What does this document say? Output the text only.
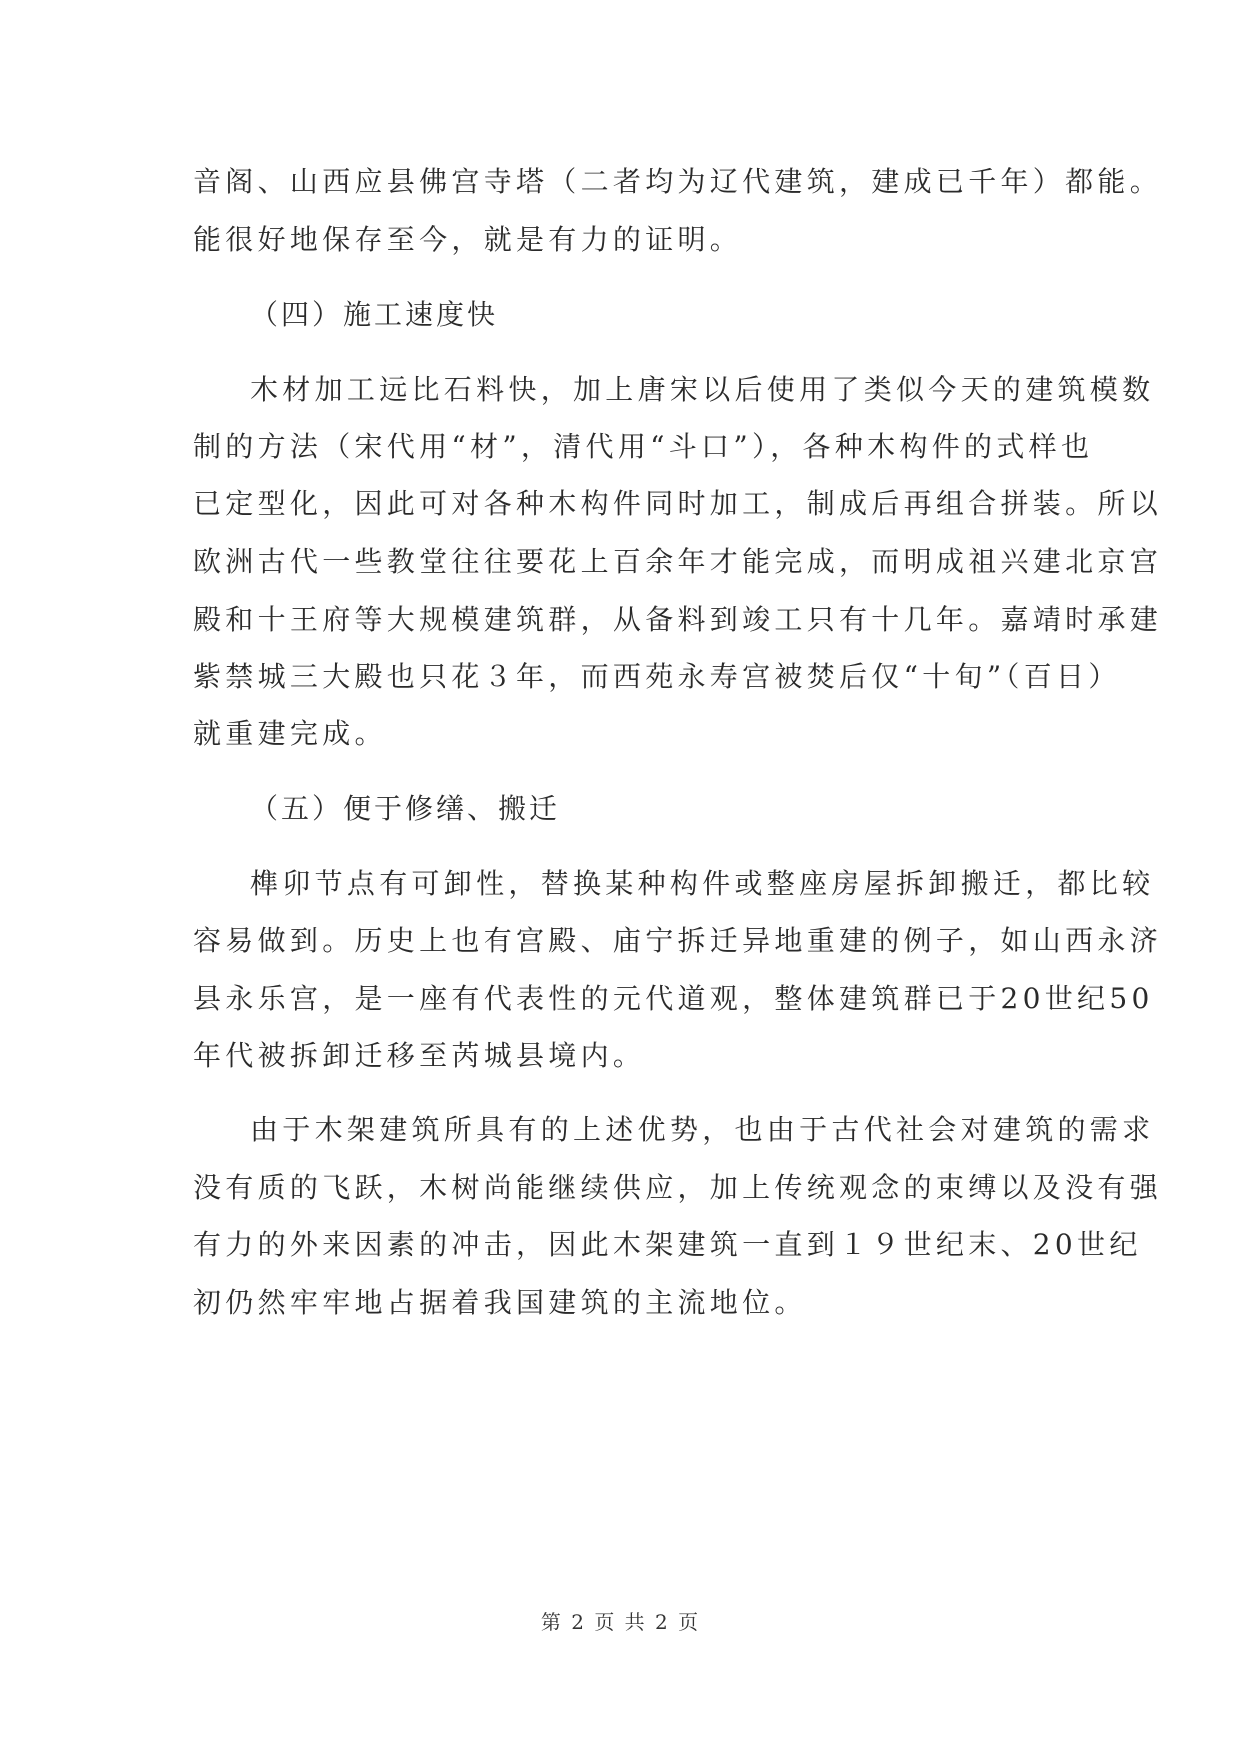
音阁、山西应县佛宫寺塔（二者均为辽代建筑，建成已千年）都能。
能很好地保存至今，就是有力的证明。
（四）施工速度快
木材加工远比石料快，加上唐宋以后使用了类似今天的建筑模数
制的方法（宋代用“材”，清代用“斗口”），各种木构件的式样也
已定型化，因此可对各种木构件同时加工，制成后再组合拼装。所以
欧洲古代一些教堂往往要花上百余年才能完成，而明成祖兴建北京宫
殿和十王府等大规模建筑群，从备料到竣工只有十几年。嘉靖时承建
紫禁城三大殿也只花３年，而西苑永寿宫被焚后仅“十旬”（百日）
就重建完成。
（五）便于修缮、搬迁
榫卯节点有可卸性，替换某种构件或整座房屋拆卸搬迁，都比较
容易做到。历史上也有宫殿、庙宁拆迁异地重建的例子，如山西永济
县永乐宫，是一座有代表性的元代道观，整体建筑群已于20世纪50
年代被拆卸迁移至芮城县境内。
由于木架建筑所具有的上述优势，也由于古代社会对建筑的需求
没有质的飞跃，木树尚能继续供应，加上传统观念的束缚以及没有强
有力的外来因素的冲击，因此木架建筑一直到１９世纪末、20世纪
初仍然牢牢地占据着我国建筑的主流地位。
第 2 页 共 2 页
